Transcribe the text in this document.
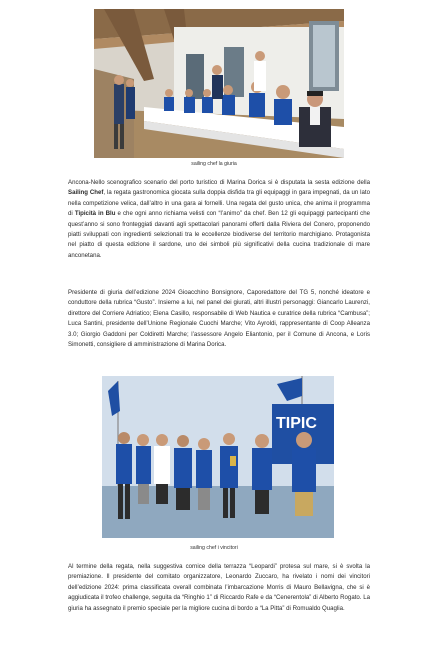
sailing chef la giuria

Ancona-Nello scenografico scenario del porto turistico di Marina Dorica si è disputata la sesta edizione della Sailing Chef, la regata gastronomica giocata sulla doppia disfida tra gli equipaggi in gara impegnati, da un lato nella competizione velica, dall’altro in una gara ai fornelli. Una regata del gusto unica, che anima il programma di Tipicità in Blu e che ogni anno richiama velisti con “l’animo” da chef. Ben 12 gli equipaggi partecipanti che quest’anno si sono fronteggiati davanti agli spettacolari panorami offerti dalla Riviera del Conero, proponendo piatti sviluppati con ingredienti selezionati tra le eccellenze biodiverse del territorio marchigiano. Protagonista nel piatto di questa edizione il sardone, uno dei simboli più significativi della cucina tradizionale di mare anconetana.

Presidente di giuria dell’edizione 2024 Gioacchino Bonsignore, Caporedattore del TG 5, nonché ideatore e conduttore della rubrica “Gusto”. Insieme a lui, nel panel dei giurati, altri illustri personaggi: Giancarlo Laurenzi, direttore del Corriere Adriatico; Elena Casillo, responsabile di Web Nautica e curatrice della rubrica “Cambusa”; Luca Santini, presidente dell’Unione Regionale Cuochi Marche; Vito Ayroldi, rappresentante di Coop Alleanza 3.0; Giorgio Gaddoni per Coldiretti Marche; l’assessore Angelo Eliantonio, per il Comune di Ancona, e Loris Simonetti, consigliere di amministrazione di Marina Dorica.

TIPIC
sailing chef i vincitori

Al termine della regata, nella suggestiva cornice della terrazza “Leopardi” protesa sul mare, si è svolta la premiazione. Il presidente del comitato organizzatore, Leonardo Zuccaro, ha rivelato i nomi dei vincitori dell’edizione 2024: prima classificata overall combinata l’imbarcazione Morris di Mauro Bellavigna, che si è aggiudicata il trofeo challenge, seguita da “Ringhio 1” di Riccardo Rafe e da “Cenerentola” di Alberto Rogato. La giuria ha assegnato il premio speciale per la migliore cucina di bordo a “La Pitta” di Romualdo Quaglia.
